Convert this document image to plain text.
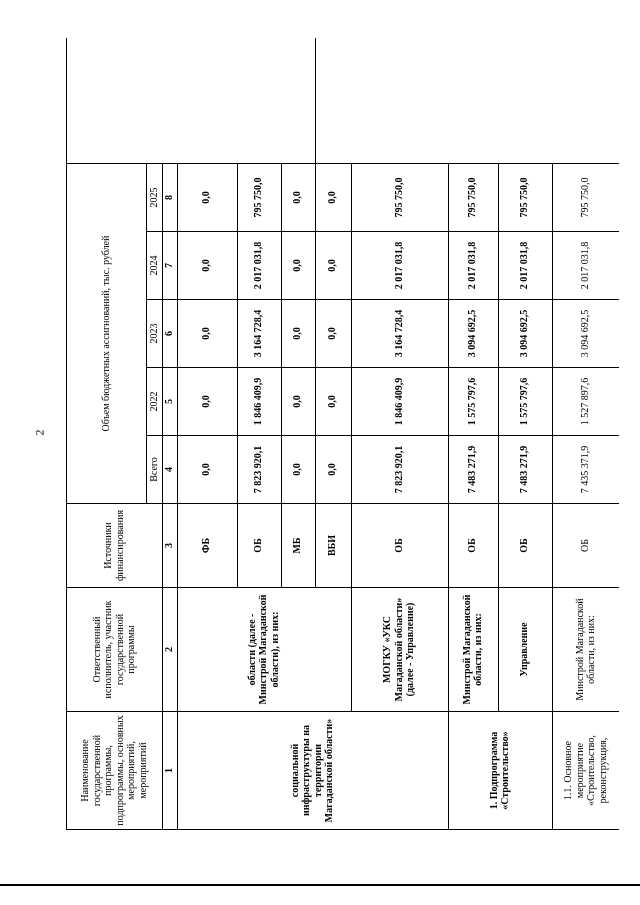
2
Наименование государственной программы, подпрограммы, основных мероприятий, мероприятий	Ответственный исполнитель, участник государственной программы	Источники финансирования	Объем бюджетных ассигнований, тыс. рублей						
			Всего	2022	2023	2024	2025		
1	2	3	4	5	6	7	8		
социальной инфраструктуры на территории Магаданской области»	области (далее - Минстрой Магаданской области), из них:	ФБ	0,0	0,0	0,0	0,0	0,0		
		ОБ	7 823 920,1	1 846 409,9	3 164 728,4	2 017 031,8	795 750,0		
		МБ	0,0	0,0	0,0	0,0	0,0		
		ВБИ	0,0	0,0	0,0	0,0	0,0		
	МОГКУ «УКС Магаданской области» (далее - Управление)	ОБ	7 823 920,1	1 846 409,9	3 164 728,4	2 017 031,8	795 750,0		
1. Подпрограмма «Строительство»	Минстрой Магаданской области, из них:	ОБ	7 483 271,9	1 575 797,6	3 094 692,5	2 017 031,8	795 750,0		
	Управление	ОБ	7 483 271,9	1 575 797,6	3 094 692,5	2 017 031,8	795 750,0		
1.1. Основное мероприятие «Строительство, реконструкция,	Минстрой Магаданской области, из них:	ОБ	7 435 371,9	1 527 897,6	3 094 692,5	2 017 031,8	795 750,0		
